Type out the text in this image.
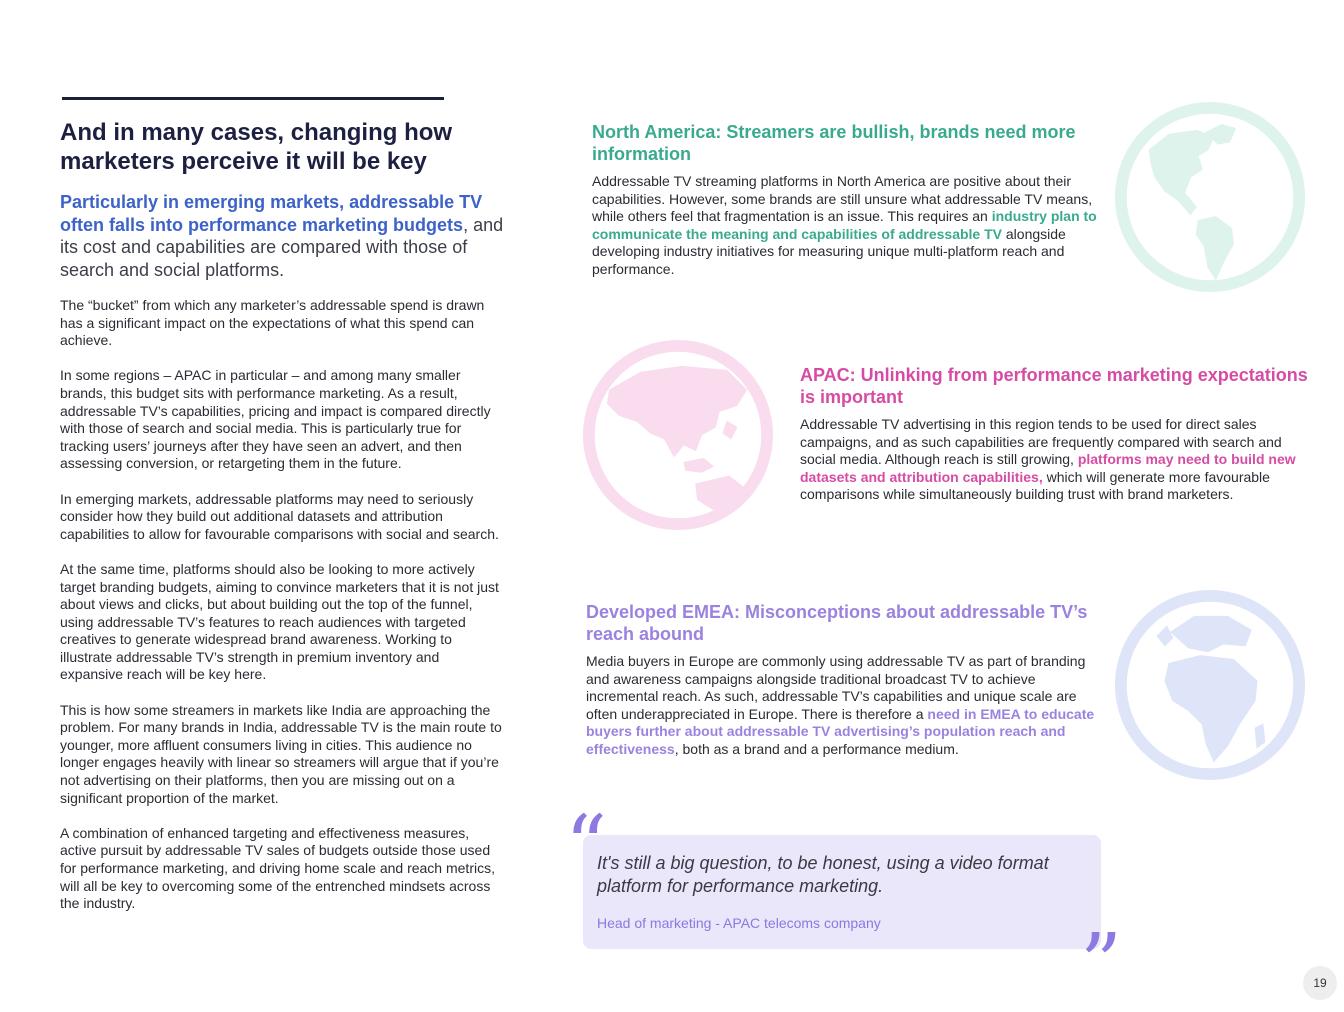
And in many cases, changing how marketers perceive it will be key

Particularly in emerging markets, addressable TV often falls into performance marketing budgets, and its cost and capabilities are compared with those of search and social platforms.

The “bucket” from which any marketer’s addressable spend is drawn has a significant impact on the expectations of what this spend can achieve.

In some regions – APAC in particular – and among many smaller brands, this budget sits with performance marketing. As a result, addressable TV’s capabilities, pricing and impact is compared directly with those of search and social media. This is particularly true for tracking users’ journeys after they have seen an advert, and then assessing conversion, or retargeting them in the future.

In emerging markets, addressable platforms may need to seriously consider how they build out additional datasets and attribution capabilities to allow for favourable comparisons with social and search.

At the same time, platforms should also be looking to more actively target branding budgets, aiming to convince marketers that it is not just about views and clicks, but about building out the top of the funnel, using addressable TV’s features to reach audiences with targeted creatives to generate widespread brand awareness. Working to illustrate addressable TV’s strength in premium inventory and expansive reach will be key here.

This is how some streamers in markets like India are approaching the problem. For many brands in India, addressable TV is the main route to younger, more affluent consumers living in cities. This audience no longer engages heavily with linear so streamers will argue that if you’re not advertising on their platforms, then you are missing out on a significant proportion of the market.

A combination of enhanced targeting and effectiveness measures, active pursuit by addressable TV sales of budgets outside those used for performance marketing, and driving home scale and reach metrics, will all be key to overcoming some of the entrenched mindsets across the industry.

North America: Streamers are bullish, brands need more information

Addressable TV streaming platforms in North America are positive about their capabilities. However, some brands are still unsure what addressable TV means, while others feel that fragmentation is an issue. This requires an industry plan to communicate the meaning and capabilities of addressable TV alongside developing industry initiatives for measuring unique multi-platform reach and performance.

APAC: Unlinking from performance marketing expectations is important

Addressable TV advertising in this region tends to be used for direct sales campaigns, and as such capabilities are frequently compared with search and social media. Although reach is still growing, platforms may need to build new datasets and attribution capabilities, which will generate more favourable comparisons while simultaneously building trust with brand marketers.

Developed EMEA: Misconceptions about addressable TV’s reach abound

Media buyers in Europe are commonly using addressable TV as part of branding and awareness campaigns alongside traditional broadcast TV to achieve incremental reach. As such, addressable TV’s capabilities and unique scale are often underappreciated in Europe. There is therefore a need in EMEA to educate buyers further about addressable TV advertising’s population reach and effectiveness, both as a brand and a performance medium.

It's still a big question, to be honest, using a video format platform for performance marketing.

Head of marketing - APAC telecoms company
“
”	19
